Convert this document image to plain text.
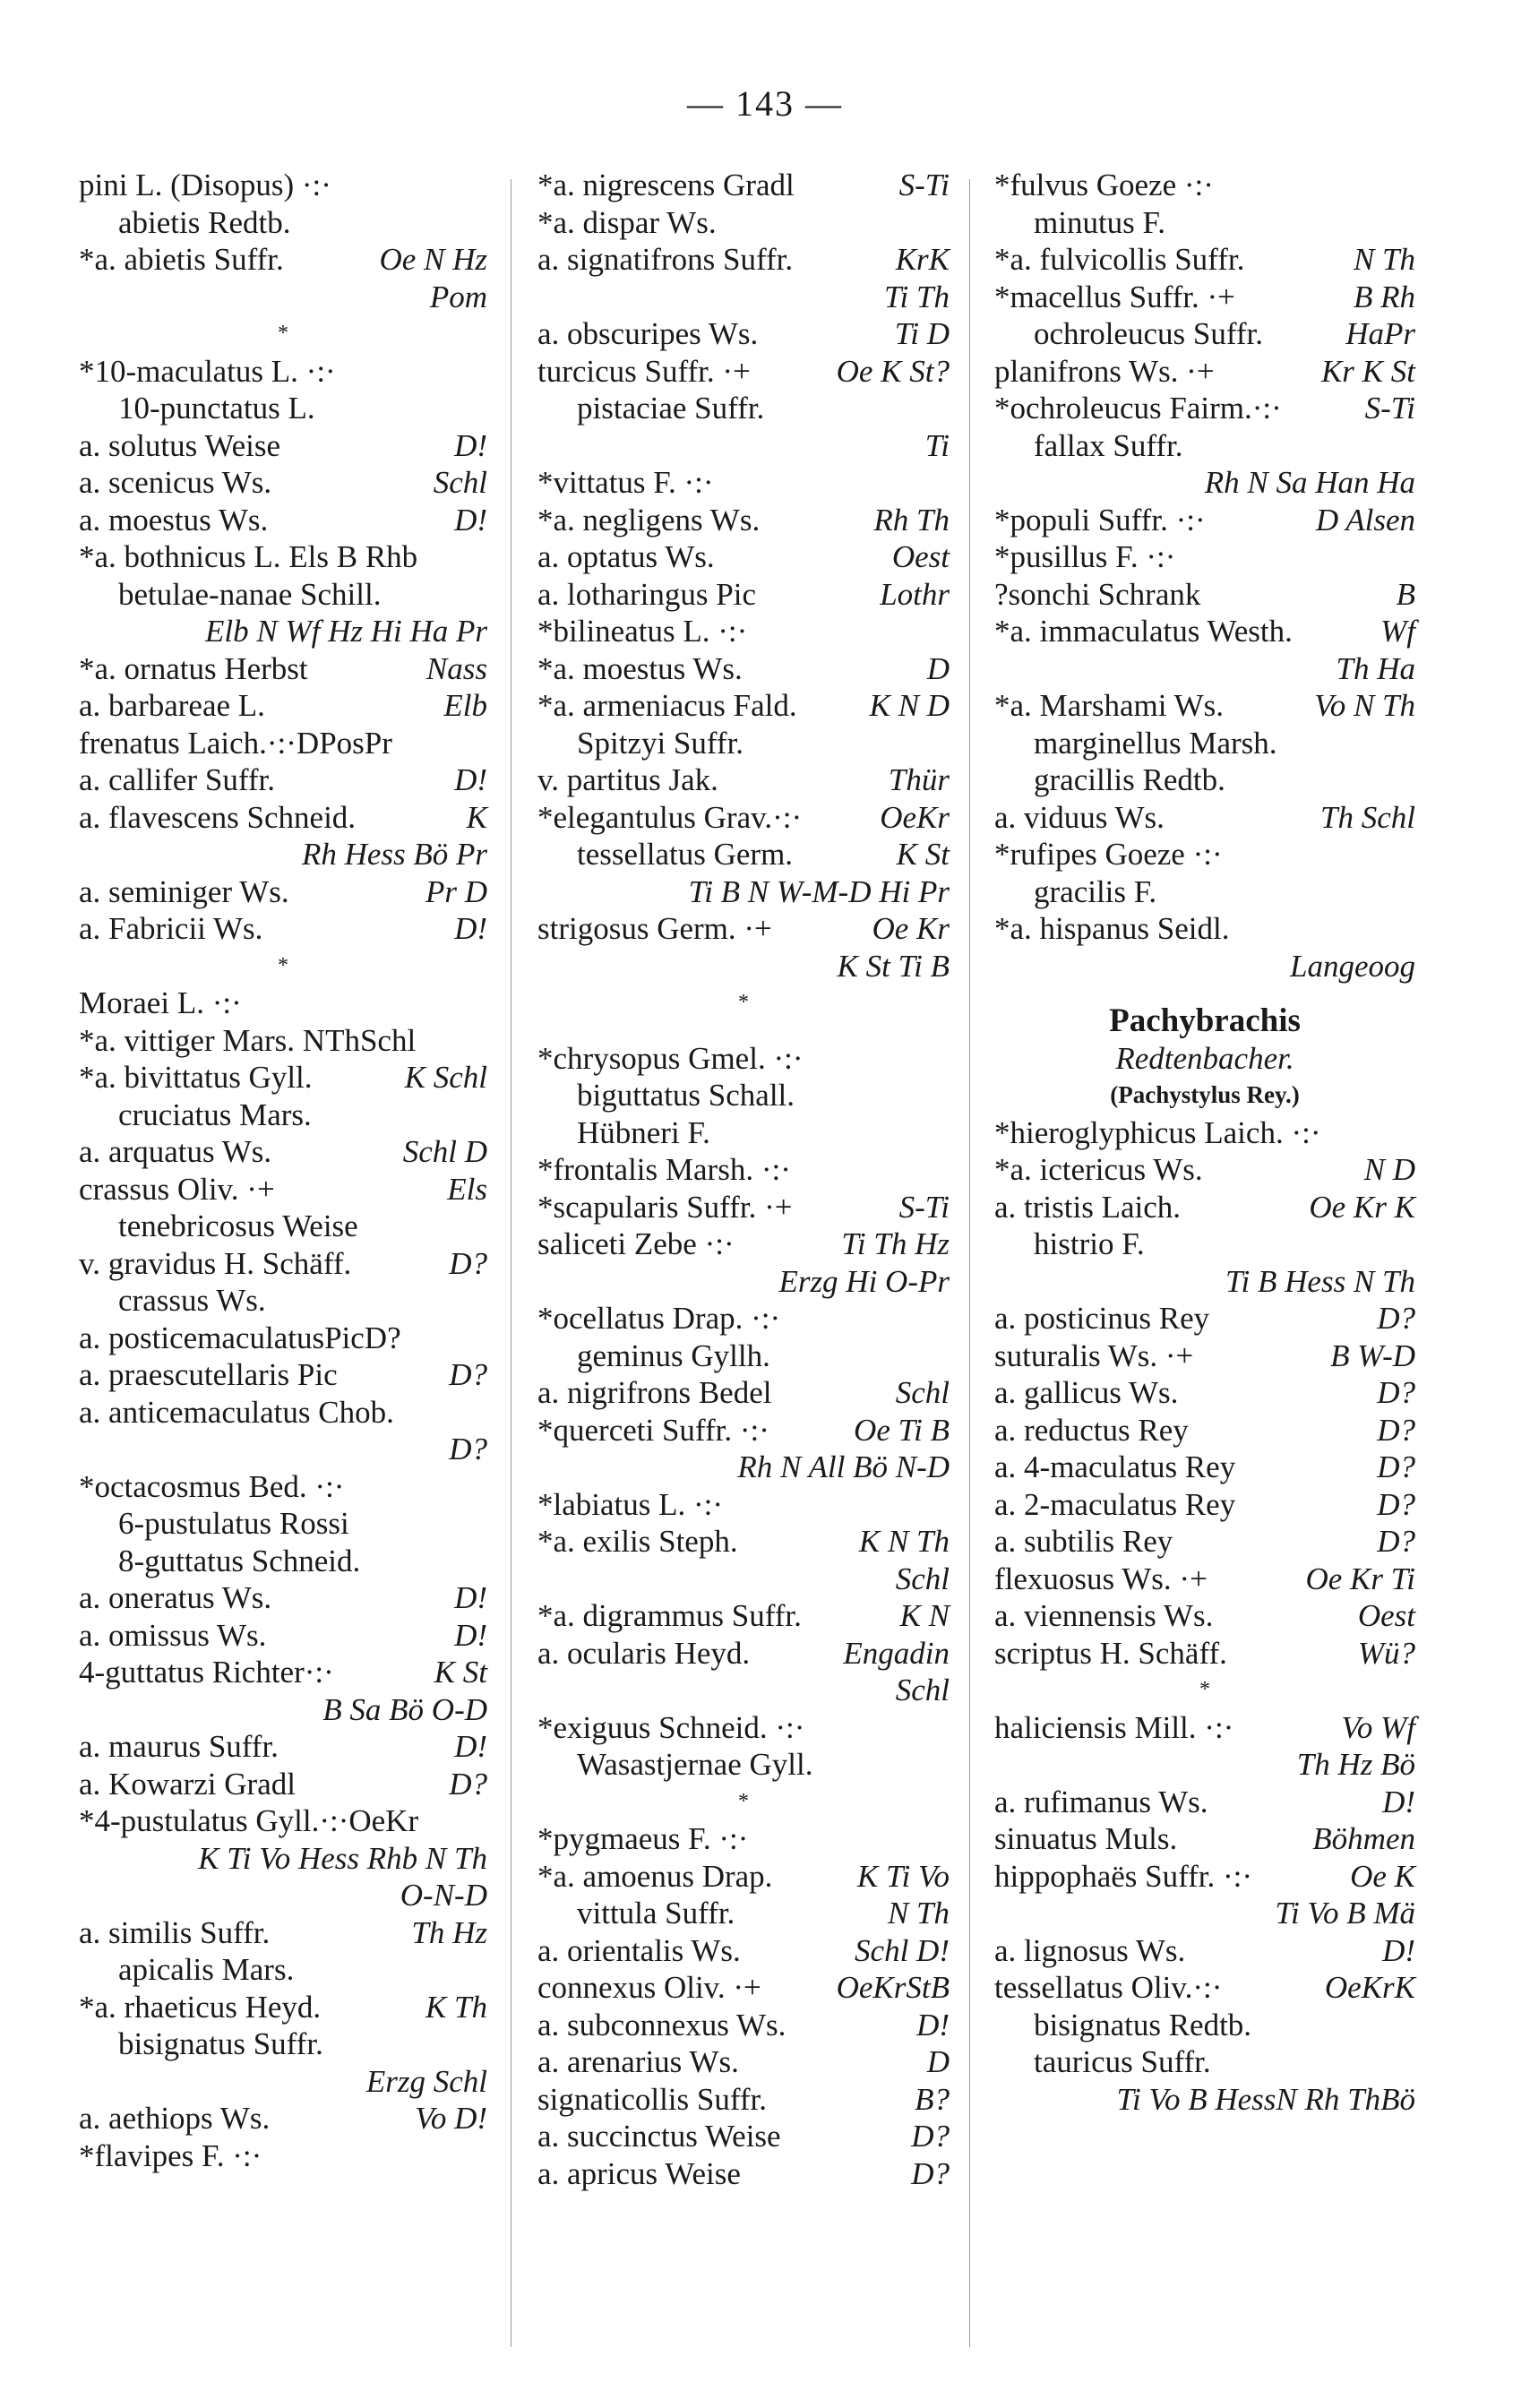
— 143 —
pini L. (Disopus) ·:·
abietis Redtb.
Oe N Hz
*a. abietis Suffr.
Pom
*
*10-maculatus L. ·:·
10-punctatus L.
D!
a. solutus Weise
Schl
a. scenicus Ws.
D!
a. moestus Ws.
*a. bothnicus L. Els B Rhb
betulae-nanae Schill.
Elb N Wf Hz Hi Ha Pr
Nass
*a. ornatus Herbst
Elb
a. barbareae L.
frenatus Laich.·:·DPosPr
D!
a. callifer Suffr.
K
a. flavescens Schneid.
Rh Hess Bö Pr
Pr D
a. seminiger Ws.
D!
a. Fabricii Ws.
*
Moraei L. ·:·
*a. vittiger Mars. NThSchl
K Schl
*a. bivittatus Gyll.
cruciatus Mars.
Schl D
a. arquatus Ws.
Els
crassus Oliv. ·+
tenebricosus Weise
D?
v. gravidus H. Schäff.
crassus Ws.
a. posticemaculatusPicD?
D?
a. praescutellaris Pic
a. anticemaculatus Chob.
D?
*octacosmus Bed. ·:·
6-pustulatus Rossi
8-guttatus Schneid.
D!
a. oneratus Ws.
D!
a. omissus Ws.
K St
4-guttatus Richter·:·
B Sa Bö O-D
D!
a. maurus Suffr.
D?
a. Kowarzi Gradl
*4-pustulatus Gyll.·:·OeKr
K Ti Vo Hess Rhb N Th
O-N-D
Th Hz
a. similis Suffr.
apicalis Mars.
K Th
*a. rhaeticus Heyd.
bisignatus Suffr.
Erzg Schl
Vo D!
a. aethiops Ws.
*flavipes F. ·:·
S-Ti
*a. nigrescens Gradl
*a. dispar Ws.
KrK
a. signatifrons Suffr.
Ti Th
Ti D
a. obscuripes Ws.
Oe K St?
turcicus Suffr. ·+
pistaciae Suffr.
Ti
*vittatus F. ·:·
Rh Th
*a. negligens Ws.
Oest
a. optatus Ws.
Lothr
a. lotharingus Pic
*bilineatus L. ·:·
D
*a. moestus Ws.
K N D
*a. armeniacus Fald.
Spitzyi Suffr.
Thür
v. partitus Jak.
OeKr
*elegantulus Grav.·:·
K St
tessellatus Germ.
Ti B N W-M-D Hi Pr
Oe Kr
strigosus Germ. ·+
K St Ti B
*
*chrysopus Gmel. ·:·
biguttatus Schall.
Hübneri F.
*frontalis Marsh. ·:·
S-Ti
*scapularis Suffr. ·+
Ti Th Hz
saliceti Zebe ·:·
Erzg Hi O-Pr
*ocellatus Drap. ·:·
geminus Gyllh.
Schl
a. nigrifrons Bedel
Oe Ti B
*querceti Suffr. ·:·
Rh N All Bö N-D
*labiatus L. ·:·
K N Th
*a. exilis Steph.
Schl
K N
*a. digrammus Suffr.
Engadin
a. ocularis Heyd.
Schl
*exiguus Schneid. ·:·
Wasastjernae Gyll.
*
*pygmaeus F. ·:·
K Ti Vo
*a. amoenus Drap.
N Th
vittula Suffr.
Schl D!
a. orientalis Ws.
OeKrStB
connexus Oliv. ·+
D!
a. subconnexus Ws.
D
a. arenarius Ws.
B?
signaticollis Suffr.
D?
a. succinctus Weise
D?
a. apricus Weise
*fulvus Goeze ·:·
minutus F.
N Th
*a. fulvicollis Suffr.
B Rh
*macellus Suffr. ·+
HaPr
ochroleucus Suffr.
Kr K St
planifrons Ws. ·+
S-Ti
*ochroleucus Fairm.·:·
fallax Suffr.
Rh N Sa Han Ha
D Alsen
*populi Suffr. ·:·
*pusillus F. ·:·
B
?sonchi Schrank
Wf
*a. immaculatus Westh.
Th Ha
Vo N Th
*a. Marshami Ws.
marginellus Marsh.
gracillis Redtb.
Th Schl
a. viduus Ws.
*rufipes Goeze ·:·
gracilis F.
*a. hispanus Seidl.
Langeoog
Pachybrachis
Redtenbacher.
(Pachystylus Rey.)
*hieroglyphicus Laich. ·:·
N D
*a. ictericus Ws.
Oe Kr K
a. tristis Laich.
histrio F.
Ti B Hess N Th
D?
a. posticinus Rey
B W-D
suturalis Ws. ·+
D?
a. gallicus Ws.
D?
a. reductus Rey
D?
a. 4-maculatus Rey
D?
a. 2-maculatus Rey
D?
a. subtilis Rey
Oe Kr Ti
flexuosus Ws. ·+
Oest
a. viennensis Ws.
Wü?
scriptus H. Schäff.
*
Vo Wf
haliciensis Mill. ·:·
Th Hz Bö
D!
a. rufimanus Ws.
Böhmen
sinuatus Muls.
Oe K
hippophaës Suffr. ·:·
Ti Vo B Mä
D!
a. lignosus Ws.
OeKrK
tessellatus Oliv.·:·
bisignatus Redtb.
tauricus Suffr.
Ti Vo B HessN Rh ThBö
